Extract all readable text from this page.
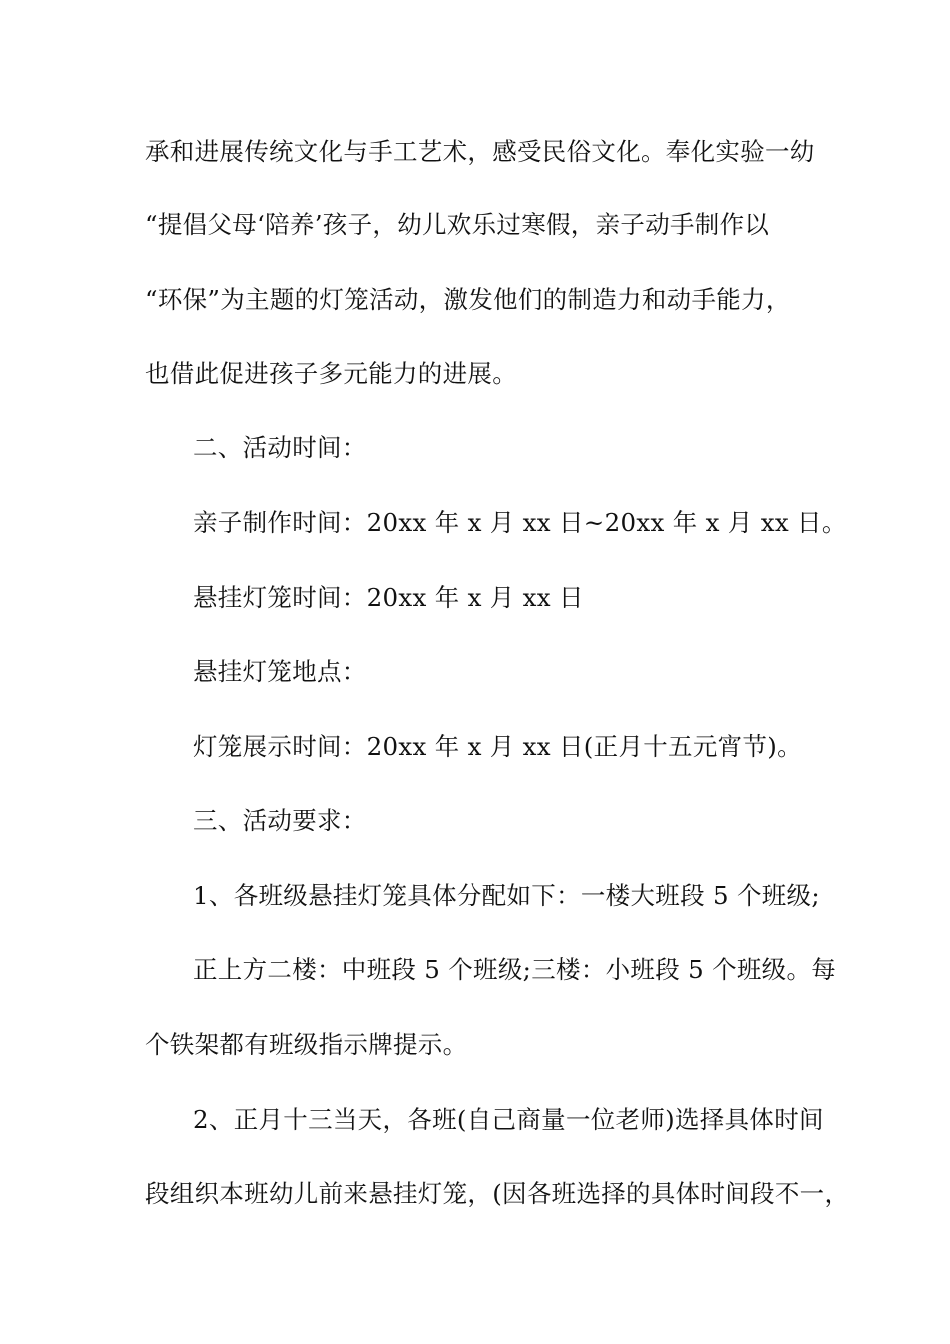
承和进展传统文化与手工艺术，感受民俗文化。奉化实验一幼
“提倡父母‘陪养’孩子，幼儿欢乐过寒假，亲子动手制作以
“环保”为主题的灯笼活动，激发他们的制造力和动手能力，
也借此促进孩子多元能力的进展。
二、活动时间：
亲子制作时间：20xx 年 x 月 xx 日~20xx 年 x 月 xx 日。
悬挂灯笼时间：20xx 年 x 月 xx 日
悬挂灯笼地点：
灯笼展示时间：20xx 年 x 月 xx 日(正月十五元宵节)。
三、活动要求：
1、各班级悬挂灯笼具体分配如下：一楼大班段 5 个班级;
正上方二楼：中班段 5 个班级;三楼：小班段 5 个班级。每
个铁架都有班级指示牌提示。
2、正月十三当天，各班(自己商量一位老师)选择具体时间
段组织本班幼儿前来悬挂灯笼，(因各班选择的具体时间段不一，
